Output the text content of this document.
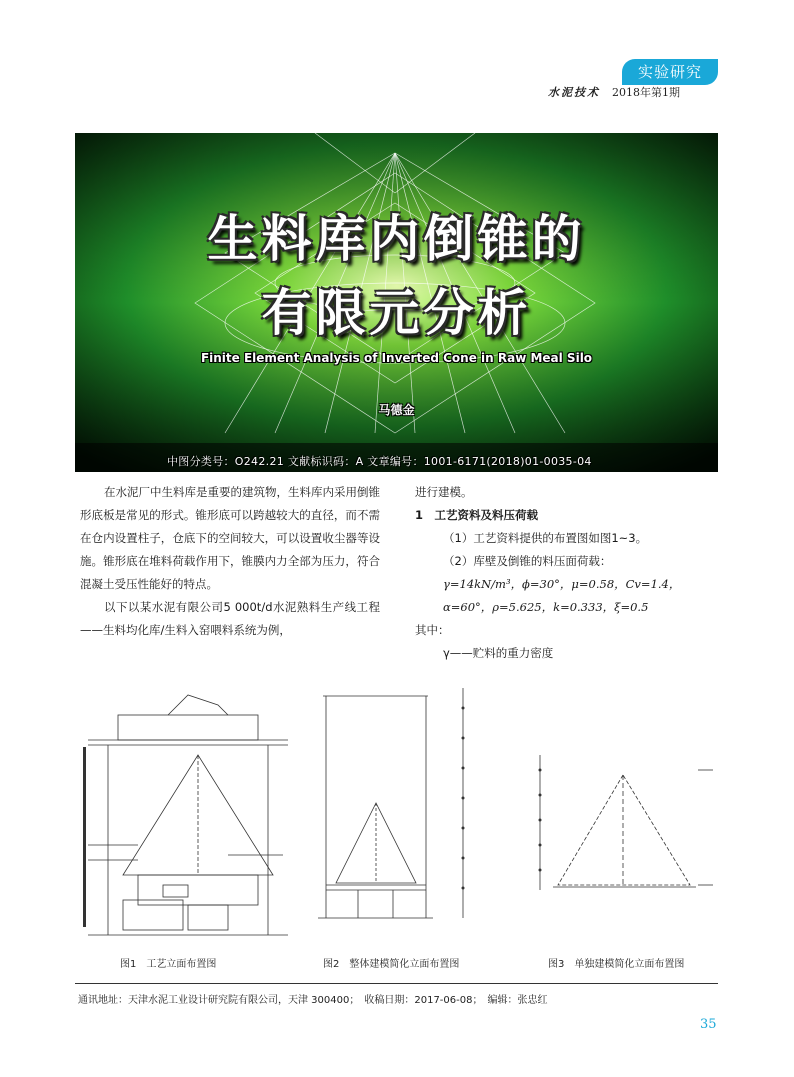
实验研究
水泥技术 2018年第1期
生料库内倒锥的
有限元分析
Finite Element Analysis of Inverted Cone in Raw Meal Silo
马德金
中图分类号：O242.21 文献标识码：A 文章编号：1001-6171(2018)01-0035-04

在水泥厂中生料库是重要的建筑物，生料库内采用倒锥形底板是常见的形式。锥形底可以跨越较大的直径，而不需在仓内设置柱子，仓底下的空间较大，可以设置收尘器等设施。锥形底在堆料荷载作用下，锥膜内力全部为压力，符合混凝土受压性能好的特点。

以下以某水泥有限公司5 000t/d水泥熟料生产线工程——生料均化库/生料入窑喂料系统为例，

进行建模。
1　工艺资料及料压荷载
（1）工艺资料提供的布置图如图1~3。
（2）库壁及倒锥的料压面荷载：
γ=14kN/m³，ϕ=30°，μ=0.58，Cv=1.4，
α=60°，ρ=5.625，k=0.333，ξ=0.5
其中：
γ——贮料的重力密度
图1　工艺立面布置图	图2　整体建模简化立面布置图	图3　单独建模简化立面布置图
通讯地址：天津水泥工业设计研究院有限公司，天津 300400；　收稿日期：2017-06-08；　编辑：张忠红
35
